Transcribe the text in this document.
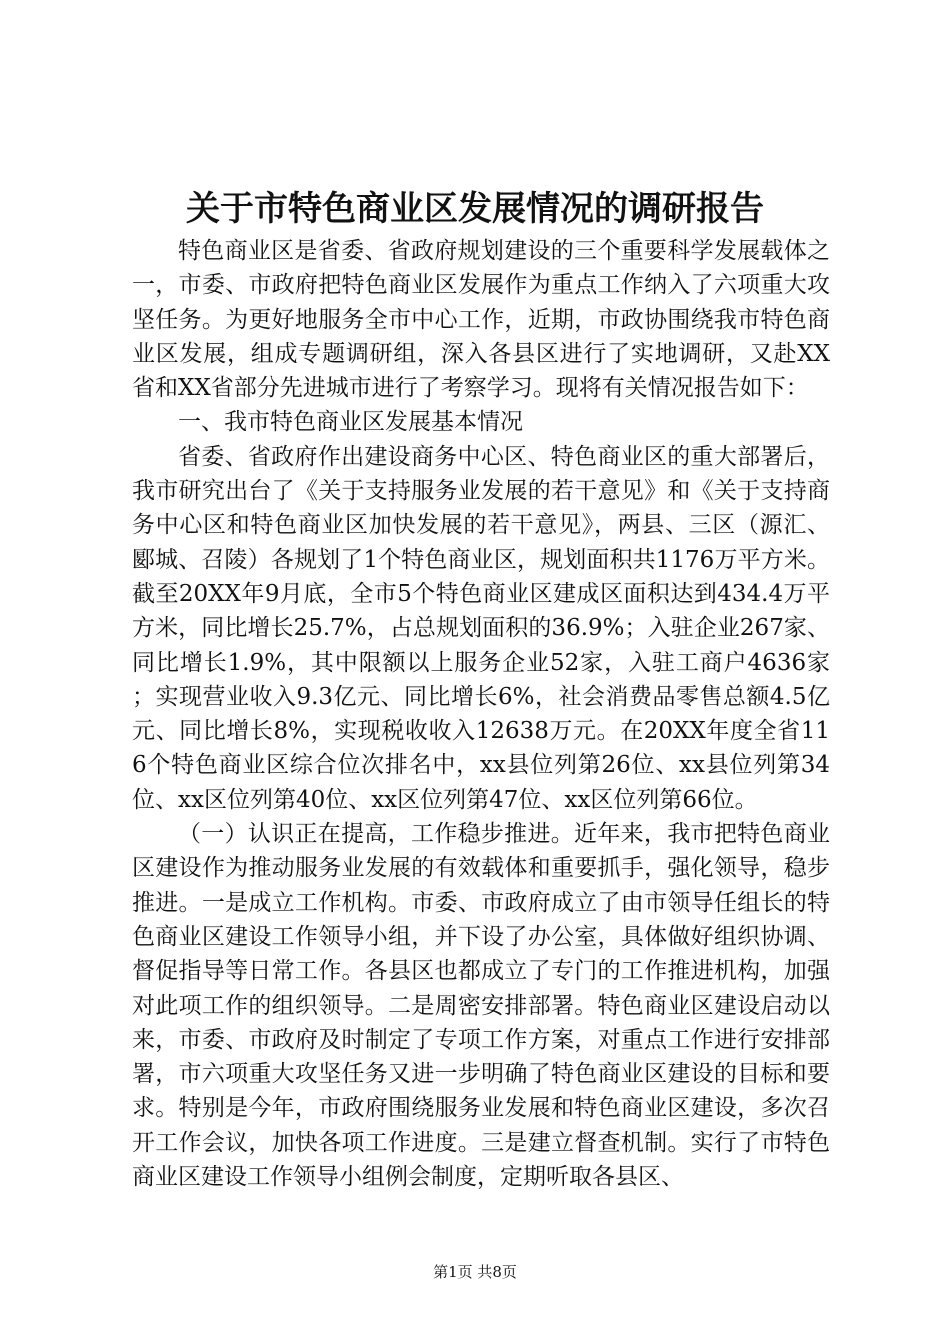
关于市特色商业区发展情况的调研报告

特色商业区是省委、省政府规划建设的三个重要科学发展载体之一，市委、市政府把特色商业区发展作为重点工作纳入了六项重大攻坚任务。为更好地服务全市中心工作，近期，市政协围绕我市特色商业区发展，组成专题调研组，深入各县区进行了实地调研，又赴XX省和XX省部分先进城市进行了考察学习。现将有关情况报告如下：

一、我市特色商业区发展基本情况

省委、省政府作出建设商务中心区、特色商业区的重大部署后，我市研究出台了《关于支持服务业发展的若干意见》和《关于支持商务中心区和特色商业区加快发展的若干意见》，两县、三区（源汇、郾城、召陵）各规划了1个特色商业区，规划面积共1176万平方米。截至20XX年9月底，全市5个特色商业区建成区面积达到434.4万平方米，同比增长25.7%，占总规划面积的36.9%；入驻企业267家、同比增长1.9%，其中限额以上服务企业52家，入驻工商户4636家；实现营业收入9.3亿元、同比增长6%，社会消费品零售总额4.5亿元、同比增长8%，实现税收收入12638万元。在20XX年度全省116个特色商业区综合位次排名中，xx县位列第26位、xx县位列第34位、xx区位列第40位、xx区位列第47位、xx区位列第66位。

（一）认识正在提高，工作稳步推进。近年来，我市把特色商业区建设作为推动服务业发展的有效载体和重要抓手，强化领导，稳步推进。一是成立工作机构。市委、市政府成立了由市领导任组长的特色商业区建设工作领导小组，并下设了办公室，具体做好组织协调、督促指导等日常工作。各县区也都成立了专门的工作推进机构，加强对此项工作的组织领导。二是周密安排部署。特色商业区建设启动以来，市委、市政府及时制定了专项工作方案，对重点工作进行安排部署，市六项重大攻坚任务又进一步明确了特色商业区建设的目标和要求。特别是今年，市政府围绕服务业发展和特色商业区建设，多次召开工作会议，加快各项工作进度。三是建立督查机制。实行了市特色商业区建设工作领导小组例会制度，定期听取各县区、

第1页 共8页
